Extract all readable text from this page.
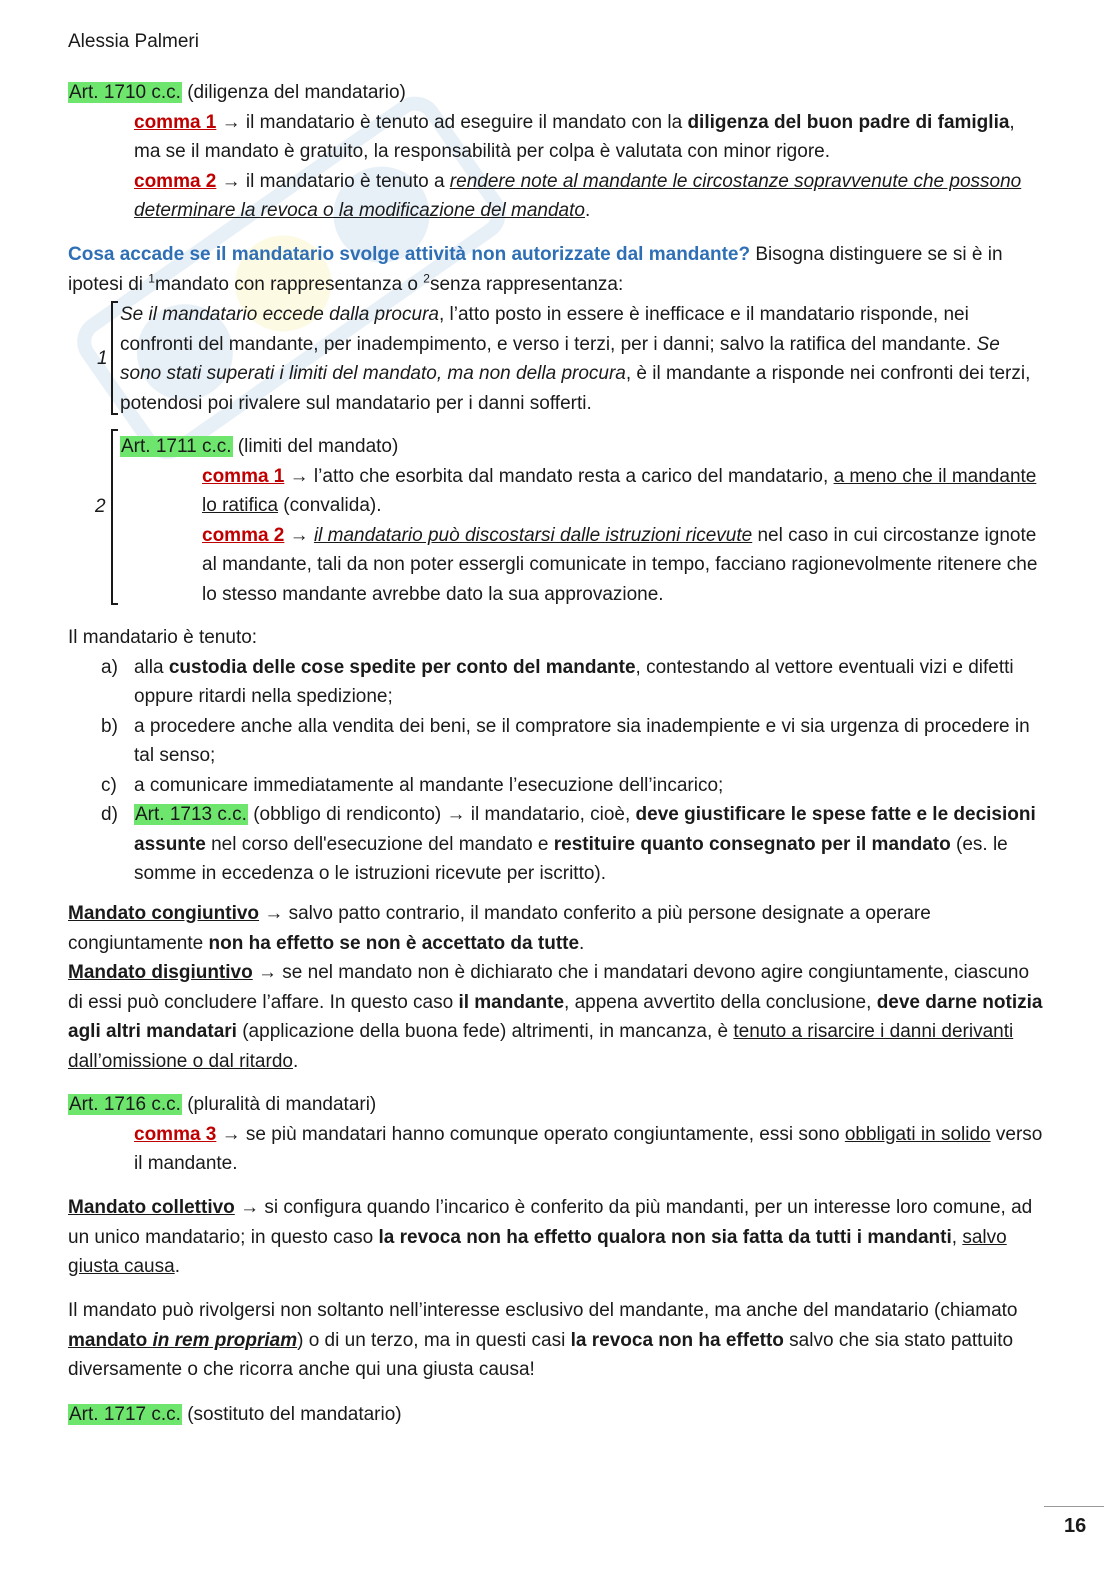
Alessia Palmeri
Art. 1710 c.c. (diligenza del mandatario)
comma 1 → il mandatario è tenuto ad eseguire il mandato con la diligenza del buon padre di famiglia, ma se il mandato è gratuito, la responsabilità per colpa è valutata con minor rigore.
comma 2 → il mandatario è tenuto a rendere note al mandante le circostanze sopravvenute che possono determinare la revoca o la modificazione del mandato.
Cosa accade se il mandatario svolge attività non autorizzate dal mandante? Bisogna distinguere se si è in ipotesi di $^1$mandato con rappresentanza o $^2$senza rappresentanza:
1
Se il mandatario eccede dalla procura, l’atto posto in essere è inefficace e il mandatario risponde, nei confronti del mandante, per inadempimento, e verso i terzi, per i danni; salvo la ratifica del mandante. Se sono stati superati i limiti del mandato, ma non della procura, è il mandante a risponde nei confronti dei terzi, potendosi poi rivalere sul mandatario per i danni sofferti.
2
Art. 1711 c.c. (limiti del mandato)
comma 1 → l’atto che esorbita dal mandato resta a carico del mandatario, a meno che il mandante lo ratifica (convalida).
comma 2 → il mandatario può discostarsi dalle istruzioni ricevute nel caso in cui circostanze ignote al mandante, tali da non poter essergli comunicate in tempo, facciano ragionevolmente ritenere che lo stesso mandante avrebbe dato la sua approvazione.
Il mandatario è tenuto:
a) alla custodia delle cose spedite per conto del mandante, contestando al vettore eventuali vizi e difetti oppure ritardi nella spedizione;
b) a procedere anche alla vendita dei beni, se il compratore sia inadempiente e vi sia urgenza di procedere in tal senso;
c) a comunicare immediatamente al mandante l’esecuzione dell’incarico;
d) Art. 1713 c.c. (obbligo di rendiconto) → il mandatario, cioè, deve giustificare le spese fatte e le decisioni assunte nel corso dell'esecuzione del mandato e restituire quanto consegnato per il mandato (es. le somme in eccedenza o le istruzioni ricevute per iscritto).
Mandato congiuntivo → salvo patto contrario, il mandato conferito a più persone designate a operare congiuntamente non ha effetto se non è accettato da tutte.
Mandato disgiuntivo → se nel mandato non è dichiarato che i mandatari devono agire congiuntamente, ciascuno di essi può concludere l’affare. In questo caso il mandante, appena avvertito della conclusione, deve darne notizia agli altri mandatari (applicazione della buona fede) altrimenti, in mancanza, è tenuto a risarcire i danni derivanti dall’omissione o dal ritardo.
Art. 1716 c.c. (pluralità di mandatari)
comma 3 → se più mandatari hanno comunque operato congiuntamente, essi sono obbligati in solido verso il mandante.
Mandato collettivo → si configura quando l’incarico è conferito da più mandanti, per un interesse loro comune, ad un unico mandatario; in questo caso la revoca non ha effetto qualora non sia fatta da tutti i mandanti, salvo giusta causa.
Il mandato può rivolgersi non soltanto nell’interesse esclusivo del mandante, ma anche del mandatario (chiamato mandato in rem propriam) o di un terzo, ma in questi casi la revoca non ha effetto salvo che sia stato pattuito diversamente o che ricorra anche qui una giusta causa!
Art. 1717 c.c. (sostituto del mandatario)
16
